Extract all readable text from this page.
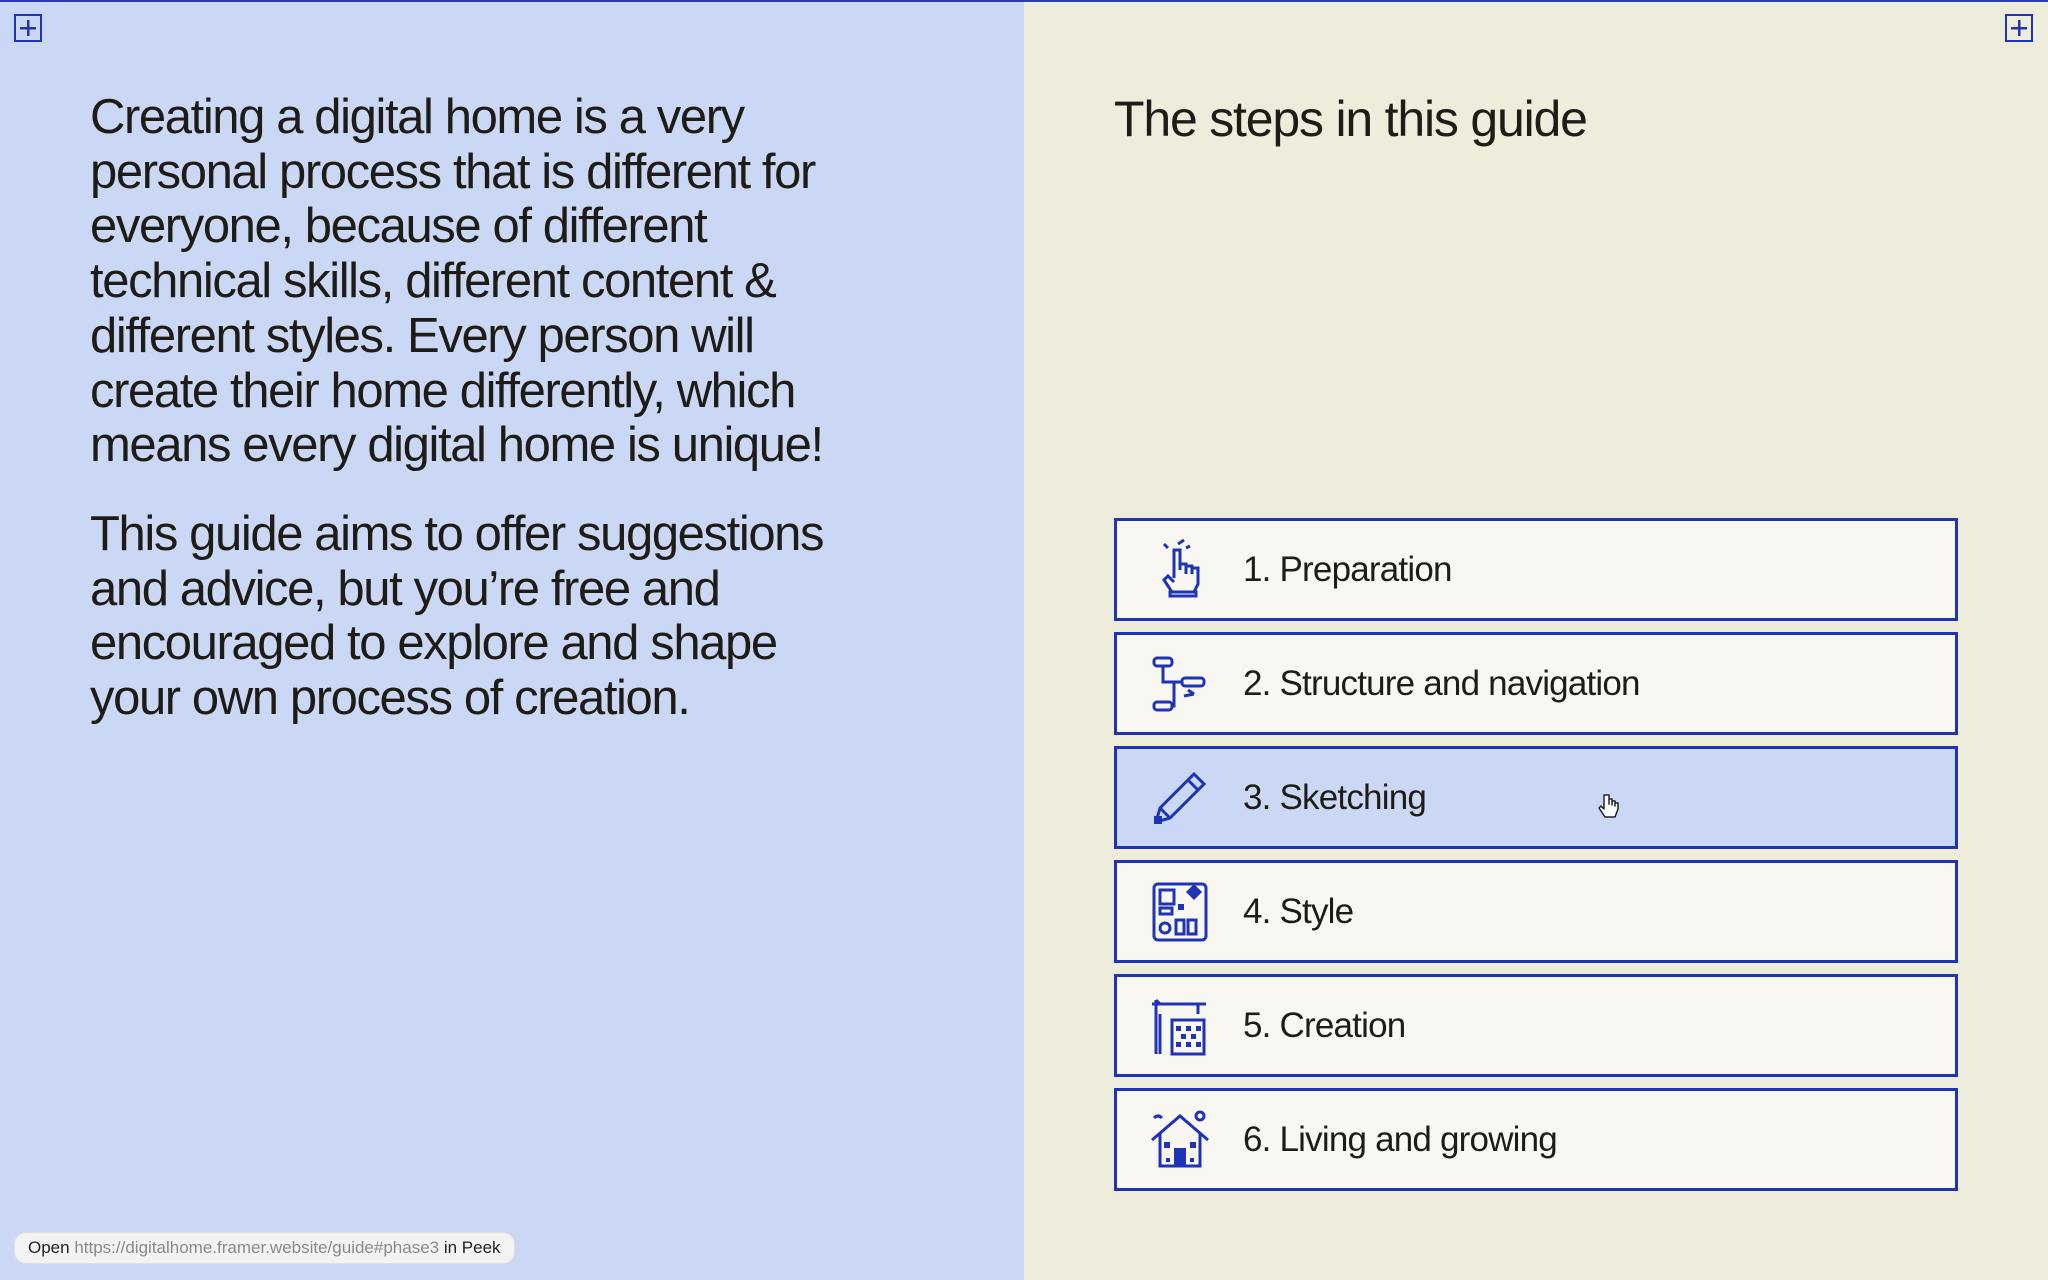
Creating a digital home is a very personal process that is different for everyone, because of different technical skills, different content & different styles. Every person will create their home differently, which means every digital home is unique!

This guide aims to offer suggestions and advice, but you’re free and encouraged to explore and shape your own process of creation.

The steps in this guide
1. Preparation
2. Structure and navigation
3. Sketching
4. Style
5. Creation
6. Living and growing
Open https://digitalhome.framer.website/guide#phase3 in Peek
